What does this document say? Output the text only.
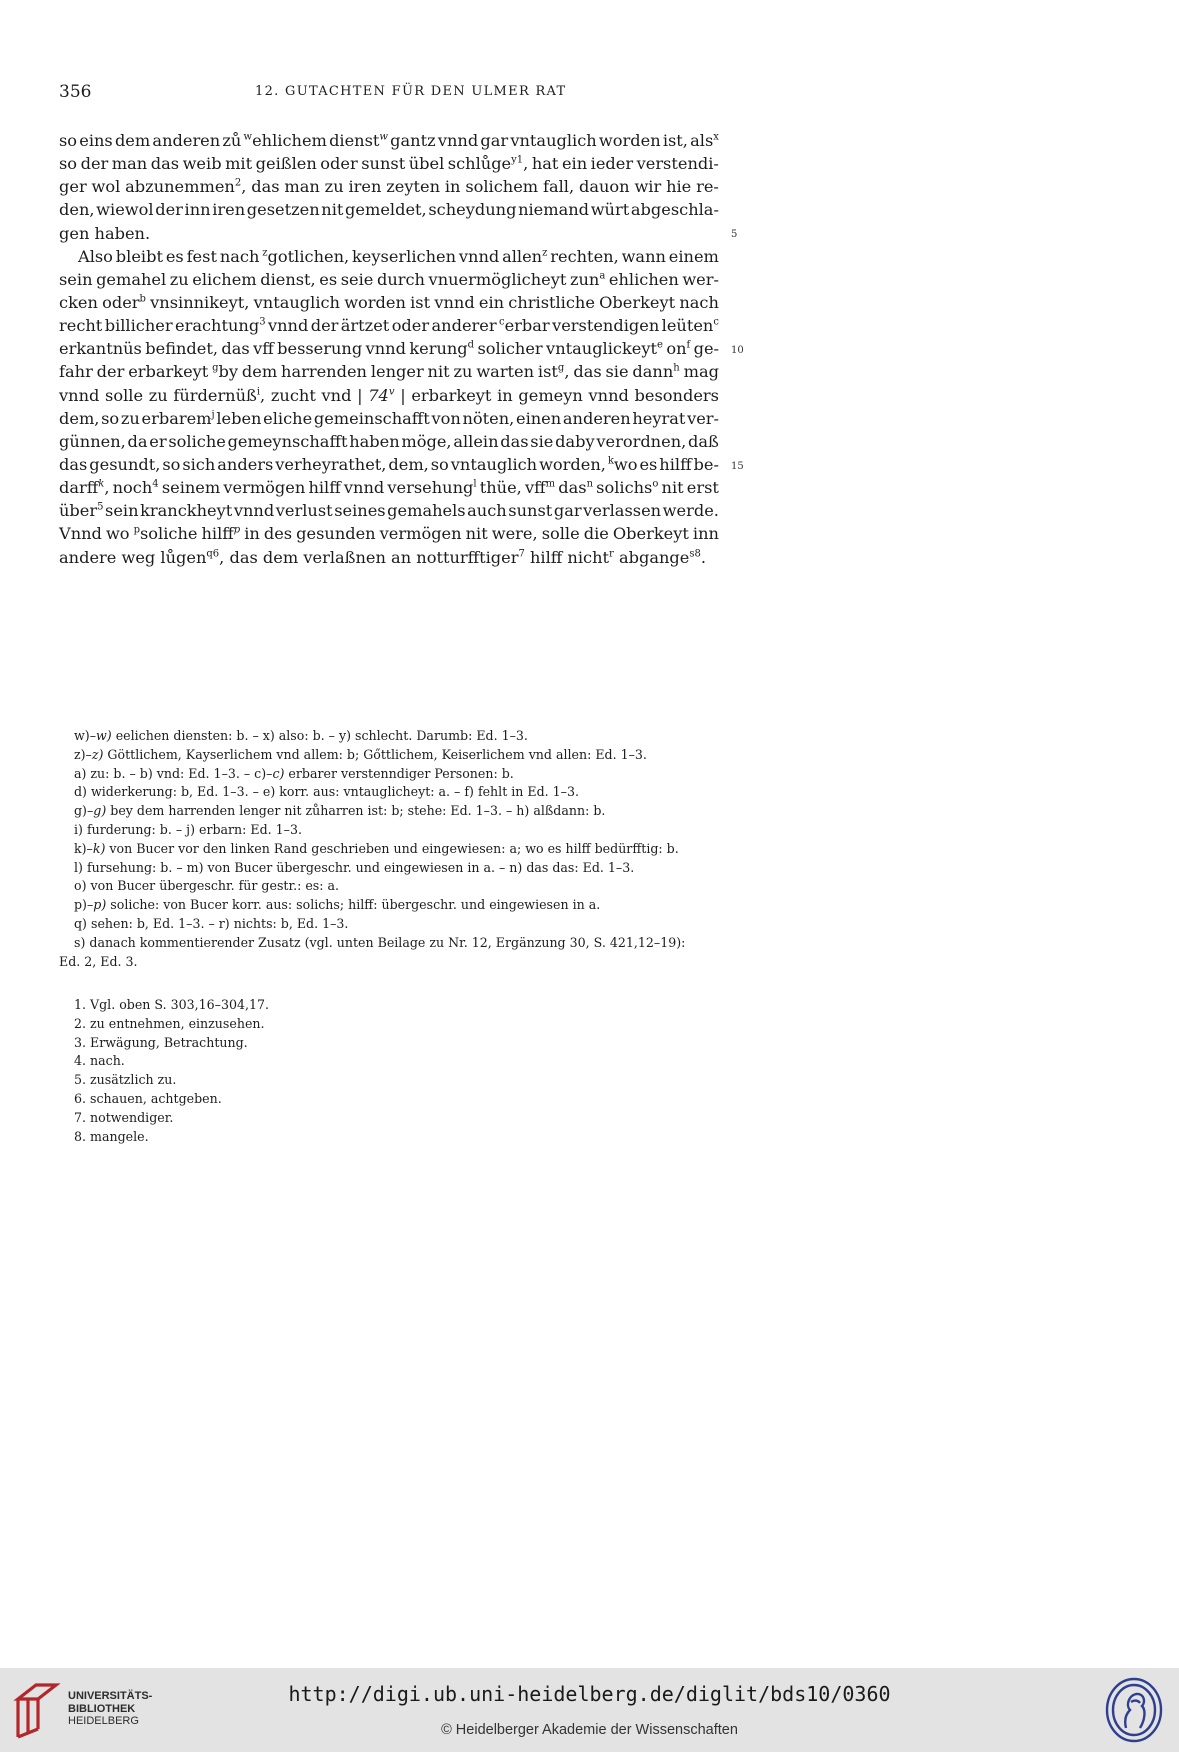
356	12. GUTACHTEN FÜR DEN ULMER RAT
so eins dem anderen zů $^w$ehlichem dienst$^w$ gantz vnnd gar vntauglich worden ist, als$^x$
so der man das weib mit geißlen oder sunst übel schlůge$^{y1}$, hat ein ieder verstendi-
ger wol abzunemmen$^2$, das man zu iren zeyten in solichem fall, dauon wir hie re-
den, wiewol der inn iren gesetzen nit gemeldet, scheydung niemand würt abgeschla-
gen haben.
Also bleibt es fest nach $^z$gotlichen, keyserlichen vnnd allen$^z$ rechten, wann einem
sein gemahel zu elichem dienst, es seie durch vnuermöglicheyt zun$^a$ ehlichen wer-
cken oder$^b$ vnsinnikeyt, vntauglich worden ist vnnd ein christliche Oberkeyt nach
recht billicher erachtung$^3$ vnnd der ärtzet oder anderer $^c$erbar verstendigen leüten$^c$
erkantnüs befindet, das vff besserung vnnd kerung$^d$ solicher vntauglickeyt$^e$ $on^f$ ge-
fahr der erbarkeyt $^g$by dem harrenden lenger nit zu warten ist$^g$, das sie dann$^h$ mag
vnnd solle zu fürdernüß$^i$, zucht vnd | 74$^v$ | erbarkeyt in gemeyn vnnd besonders
dem, so zu erbarem$^j$ leben eliche gemeinschafft von nöten, einen anderen heyrat ver-
günnen, da er soliche gemeynschafft haben möge, allein das sie daby verordnen, daß
das gesundt, so sich anders verheyrathet, dem, so vntauglich worden, $^k$wo es hilff be-
darff$^k$, noch$^4$ seinem vermögen hilff vnnd versehung$^l$ thüe, vff$^m$ das$^n$ solichs$^o$ nit erst
über$^5$ sein kranckheyt vnnd verlust seines gemahels auch sunst gar verlassen werde.
Vnnd wo $^p$soliche hilff$^p$ in des gesunden vermögen nit were, solle die Oberkeyt inn
andere weg lůgen$^{q6}$, das dem verlaßnen an notturfftiger$^7$ hilff nicht$^r$ abgange$^{s8}$.
5
10
15
w)–w) eelichen diensten: b. – x) also: b. – y) schlecht. Darumb: Ed. 1–3.
z)–z) Göttlichem, Kayserlichem vnd allem: b; Gőttlichem, Keiserlichem vnd allen: Ed. 1–3.
a) zu: b. – b) vnd: Ed. 1–3. – c)–c) erbarer verstenndiger Personen: b.
d) widerkerung: b, Ed. 1–3. – e) korr. aus: vntauglicheyt: a. – f) fehlt in Ed. 1–3.
g)–g) bey dem harrenden lenger nit zůharren ist: b; stehe: Ed. 1–3. – h) alßdann: b.
i) furderung: b. – j) erbarn: Ed. 1–3.
k)–k) von Bucer vor den linken Rand geschrieben und eingewiesen: a; wo es hilff bedürfftig: b.
l) fursehung: b. – m) von Bucer übergeschr. und eingewiesen in a. – n) das das: Ed. 1–3.
o) von Bucer übergeschr. für gestr.: es: a.
p)–p) soliche: von Bucer korr. aus: solichs; hilff: übergeschr. und eingewiesen in a.
q) sehen: b, Ed. 1–3. – r) nichts: b, Ed. 1–3.
s) danach kommentierender Zusatz (vgl. unten Beilage zu Nr. 12, Ergänzung 30, S. 421,12–19):
Ed. 2, Ed. 3.
1. Vgl. oben S. 303,16–304,17.
2. zu entnehmen, einzusehen.
3. Erwägung, Betrachtung.
4. nach.
5. zusätzlich zu.
6. schauen, achtgeben.
7. notwendiger.
8. mangele.
UNIVERSITÄTS-
BIBLIOTHEK
HEIDELBERG
http://digi.ub.uni-heidelberg.de/diglit/bds10/0360
© Heidelberger Akademie der Wissenschaften
